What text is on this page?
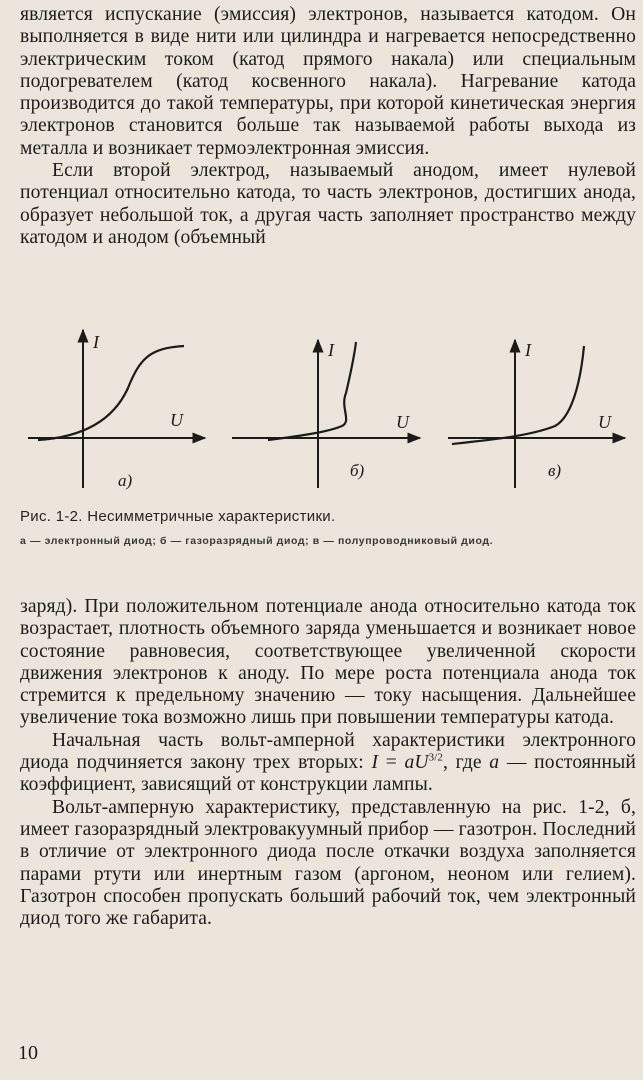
является испускание (эмиссия) электронов, называется катодом. Он выполняется в виде нити или цилиндра и нагревается непосредственно электрическим током (катод прямого накала) или специальным подогревателем (катод косвенного накала). Нагревание катода производится до такой температуры, при которой кинетическая энергия электронов становится больше так называемой работы выхода из металла и возникает термоэлектронная эмиссия.

Если второй электрод, называемый анодом, имеет нулевой потенциал относительно катода, то часть электронов, достигших анода, образует небольшой ток, а другая часть заполняет пространство между катодом и анодом (объемный

I
U
а)
I
U
б)
I
U
в)
Рис. 1-2. Несимметричные характеристики.
а — электронный диод; б — газоразрядный диод; в — полупроводниковый диод.

заряд). При положительном потенциале анода относительно катода ток возрастает, плотность объемного заряда уменьшается и возникает новое состояние равновесия, соответствующее увеличенной скорости движения электронов к аноду. По мере роста потенциала анода ток стремится к предельному значению — току насыщения. Дальнейшее увеличение тока возможно лишь при повышении температуры катода.

Начальная часть вольт-амперной характеристики электронного диода подчиняется закону трех вторых: $I = aU^{3/2}$, где a — постоянный коэффициент, зависящий от конструкции лампы.

Вольт-амперную характеристику, представленную на рис. 1-2, б, имеет газоразрядный электровакуумный прибор — газотрон. Последний в отличие от электронного диода после откачки воздуха заполняется парами ртути или инертным газом (аргоном, неоном или гелием). Газотрон способен пропускать больший рабочий ток, чем электронный диод того же габарита.

10
